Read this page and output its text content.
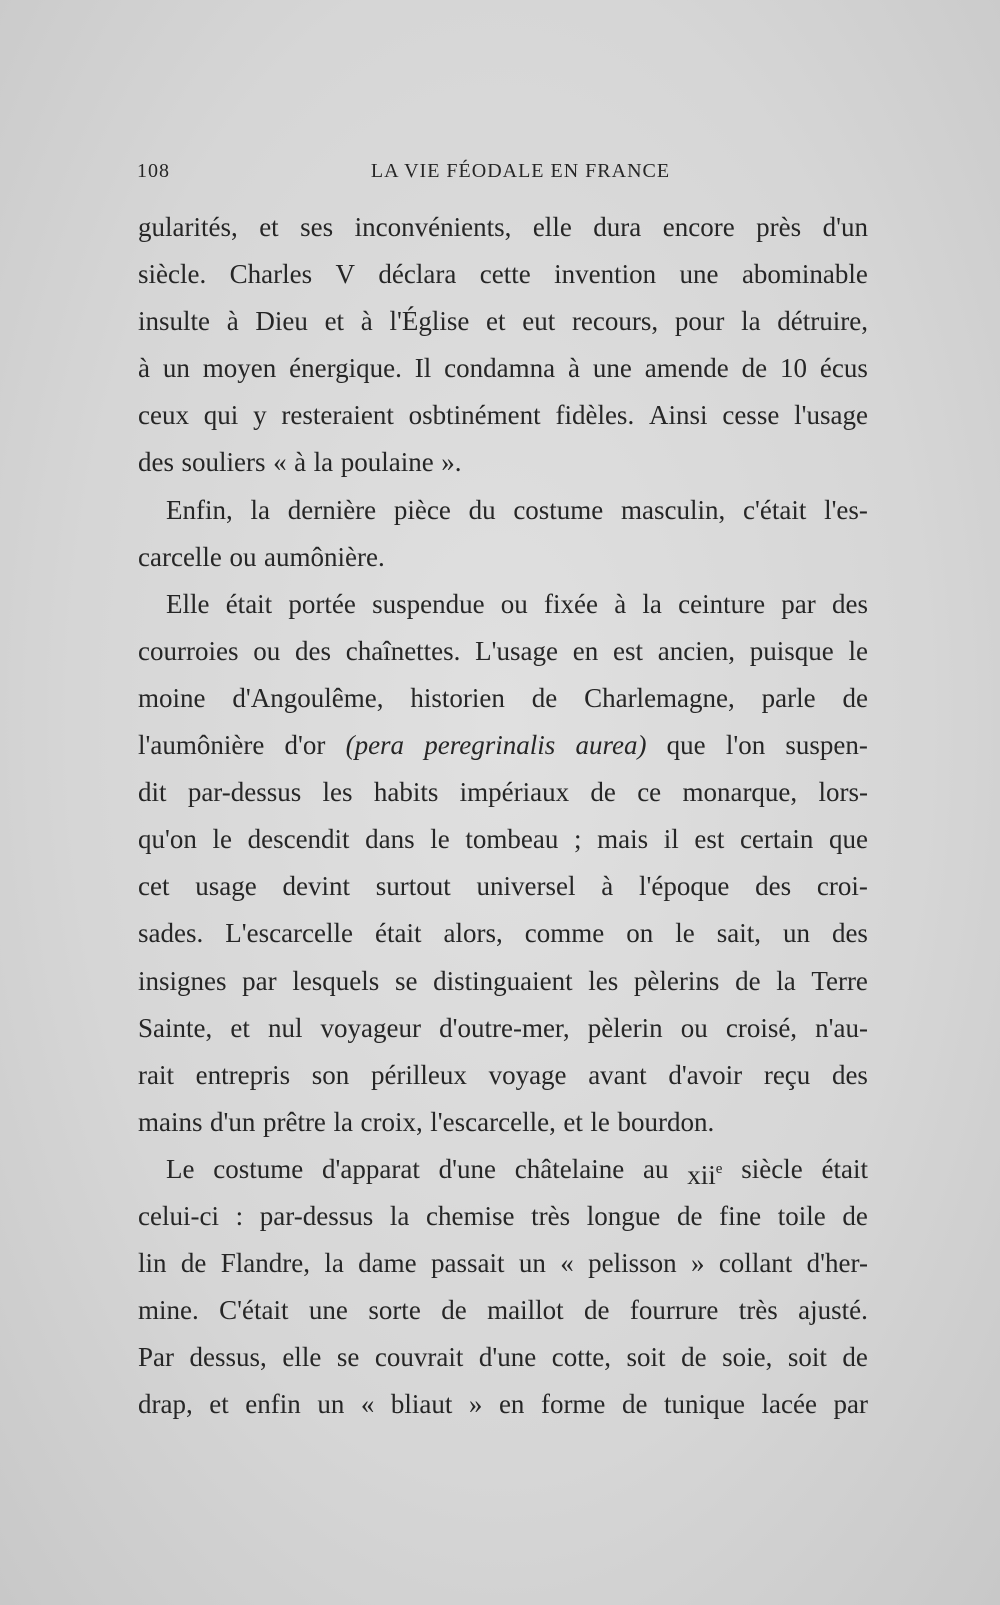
108	LA VIE FÉODALE EN FRANCE
gularités, et ses inconvénients, elle dura encore près d'un
siècle. Charles V déclara cette invention une abominable
insulte à Dieu et à l'Église et eut recours, pour la détruire,
à un moyen énergique. Il condamna à une amende de 10 écus
ceux qui y resteraient osbtinément fidèles. Ainsi cesse l'usage
des souliers « à la poulaine ».
Enfin, la dernière pièce du costume masculin, c'était l'es-
carcelle ou aumônière.
Elle était portée suspendue ou fixée à la ceinture par des
courroies ou des chaînettes. L'usage en est ancien, puisque le
moine d'Angoulême, historien de Charlemagne, parle de
l'aumônière d'or (pera peregrinalis aurea) que l'on suspen-
dit par-dessus les habits impériaux de ce monarque, lors-
qu'on le descendit dans le tombeau ; mais il est certain que
cet usage devint surtout universel à l'époque des croi-
sades. L'escarcelle était alors, comme on le sait, un des
insignes par lesquels se distinguaient les pèlerins de la Terre
Sainte, et nul voyageur d'outre-mer, pèlerin ou croisé, n'au-
rait entrepris son périlleux voyage avant d'avoir reçu des
mains d'un prêtre la croix, l'escarcelle, et le bourdon.
Le costume d'apparat d'une châtelaine au xii$^e$ siècle était
celui-ci : par-dessus la chemise très longue de fine toile de
lin de Flandre, la dame passait un « pelisson » collant d'her-
mine. C'était une sorte de maillot de fourrure très ajusté.
Par dessus, elle se couvrait d'une cotte, soit de soie, soit de
drap, et enfin un « bliaut » en forme de tunique lacée par
